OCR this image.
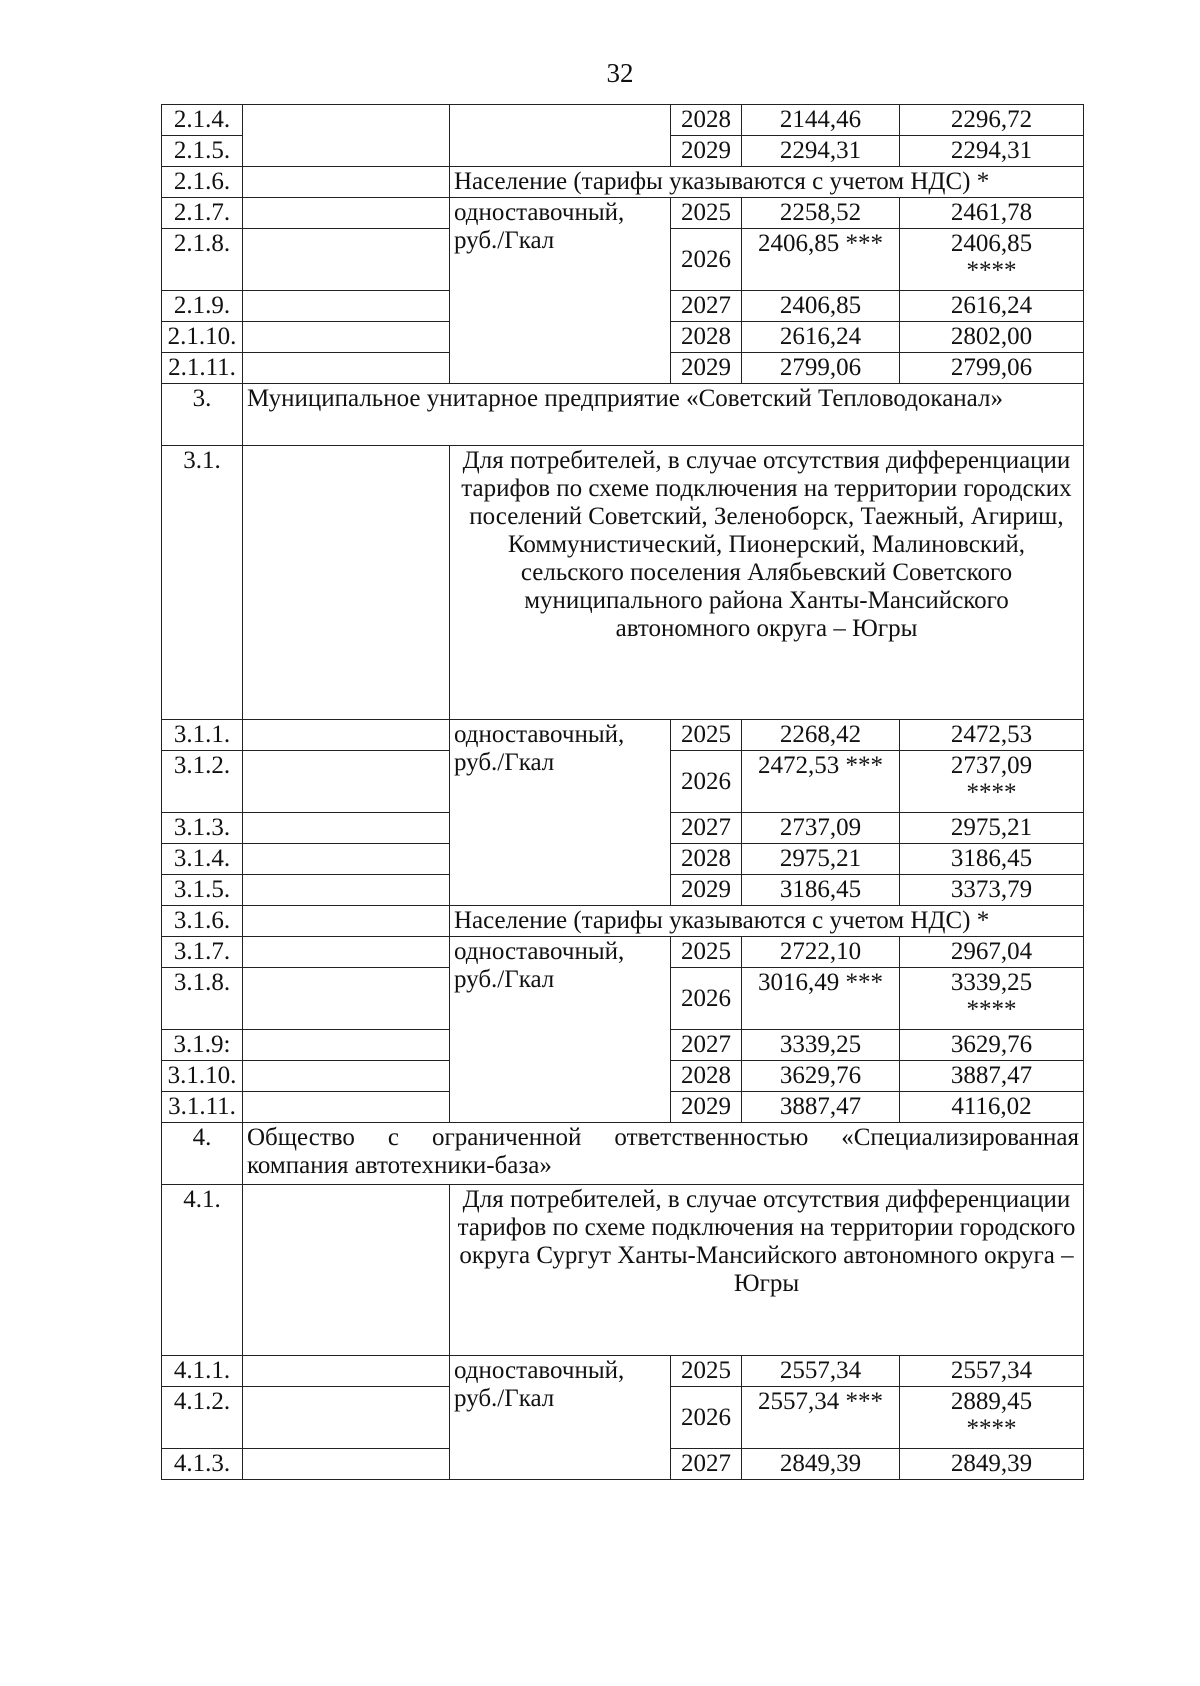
32
2.1.4.			2028	2144,46	2296,72
2.1.5.			2029	2294,31	2294,31
2.1.6.		Население (тарифы указываются с учетом НДС) *			
2.1.7.		одноставочный, руб./Гкал	2025	2258,52	2461,78
2.1.8.			2026	2406,85 ***	2406,85
****

2.1.9.			2027	2406,85	2616,24
2.1.10.			2028	2616,24	2802,00
2.1.11.			2029	2799,06	2799,06
3.	Муниципальное унитарное предприятие «Советский Тепловодоканал»				
3.1.		Для потребителей, в случае отсутствия дифференциации тарифов по схеме подключения на территории городских поселений Советский, Зеленоборск, Таежный, Агириш, Коммунистический, Пионерский, Малиновский, сельского поселения Алябьевский Советского муниципального района Ханты-Мансийского автономного округа – Югры			
3.1.1.		одноставочный, руб./Гкал	2025	2268,42	2472,53
3.1.2.			2026	2472,53 ***	2737,09
****

3.1.3.			2027	2737,09	2975,21
3.1.4.			2028	2975,21	3186,45
3.1.5.			2029	3186,45	3373,79
3.1.6.		Население (тарифы указываются с учетом НДС) *			
3.1.7.		одноставочный, руб./Гкал	2025	2722,10	2967,04
3.1.8.			2026	3016,49 ***	3339,25
****

3.1.9:			2027	3339,25	3629,76
3.1.10.			2028	3629,76	3887,47
3.1.11.			2029	3887,47	4116,02
4.	Общество с ограниченной ответственностью «Специализированная компания автотехники-база»				
4.1.		Для потребителей, в случае отсутствия дифференциации тарифов по схеме подключения на территории городского округа Сургут Ханты-Мансийского автономного округа – Югры			
4.1.1.		одноставочный, руб./Гкал	2025	2557,34	2557,34
4.1.2.			2026	2557,34 ***	2889,45
****

4.1.3.			2027	2849,39	2849,39
